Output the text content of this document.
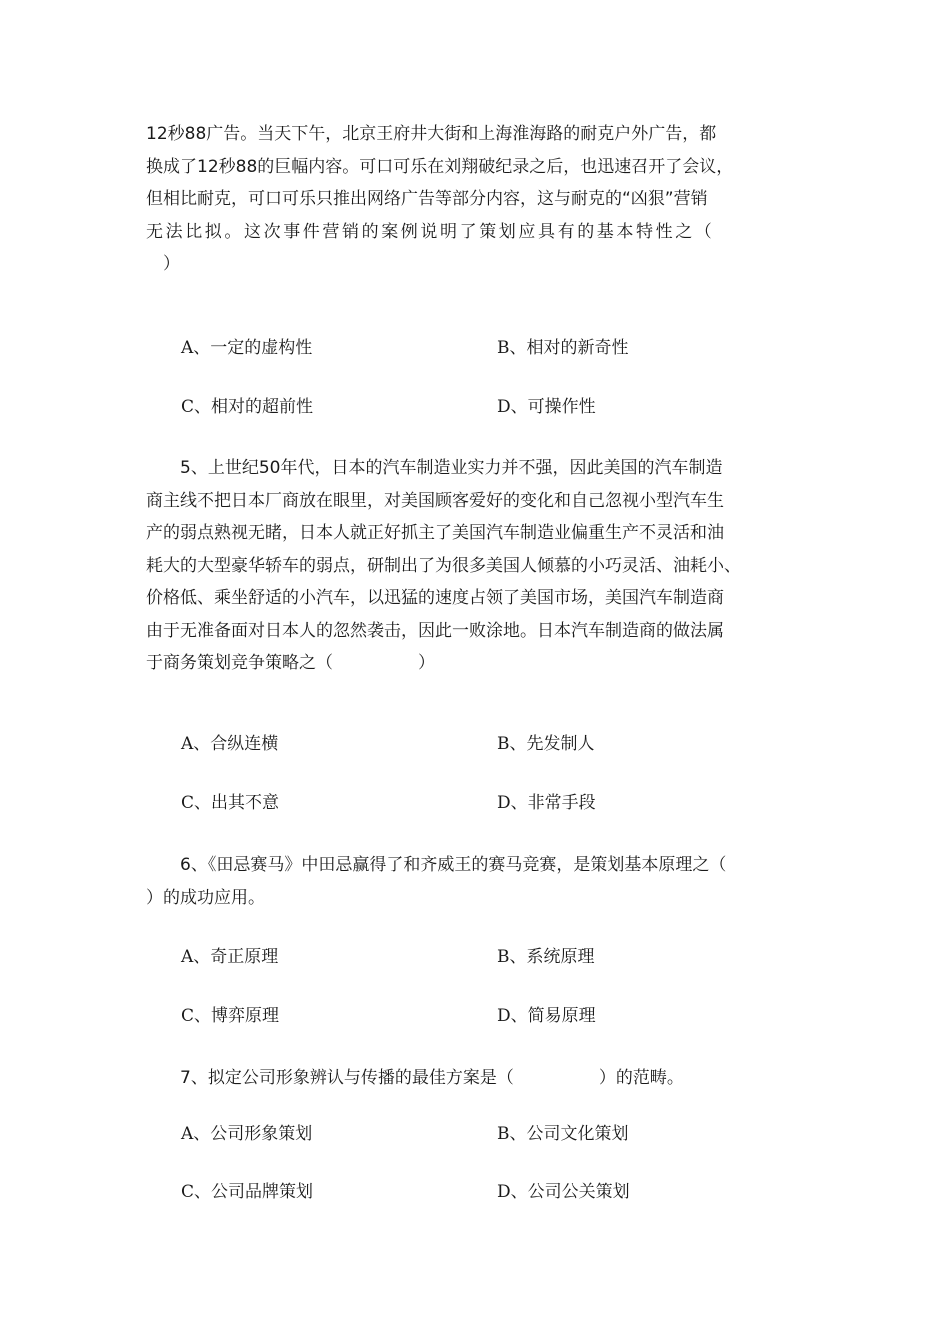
12秒88广告。当天下午，北京王府井大街和上海淮海路的耐克户外广告，都
换成了12秒88的巨幅内容。可口可乐在刘翔破纪录之后，也迅速召开了会议，
但相比耐克，可口可乐只推出网络广告等部分内容，这与耐克的“凶狠”营销
无法比拟。这次事件营销的案例说明了策划应具有的基本特性之（
　）
A、一定的虚构性	B、相对的新奇性
C、相对的超前性	D、可操作性
　　5、上世纪50年代，日本的汽车制造业实力并不强，因此美国的汽车制造
商主线不把日本厂商放在眼里，对美国顾客爱好的变化和自己忽视小型汽车生
产的弱点熟视无睹，日本人就正好抓主了美国汽车制造业偏重生产不灵活和油
耗大的大型豪华轿车的弱点，研制出了为很多美国人倾慕的小巧灵活、油耗小、
价格低、乘坐舒适的小汽车，以迅猛的速度占领了美国市场，美国汽车制造商
由于无准备面对日本人的忽然袭击，因此一败涂地。日本汽车制造商的做法属
于商务策划竞争策略之（　　　　　）
A、合纵连横	B、先发制人
C、出其不意	D、非常手段
　　6、《田忌赛马》中田忌赢得了和齐威王的赛马竞赛，是策划基本原理之（
）的成功应用。
A、奇正原理	B、系统原理
C、博弈原理	D、简易原理
　　7、拟定公司形象辨认与传播的最佳方案是（　　　　　）的范畴。
A、公司形象策划	B、公司文化策划
C、公司品牌策划	D、公司公关策划
